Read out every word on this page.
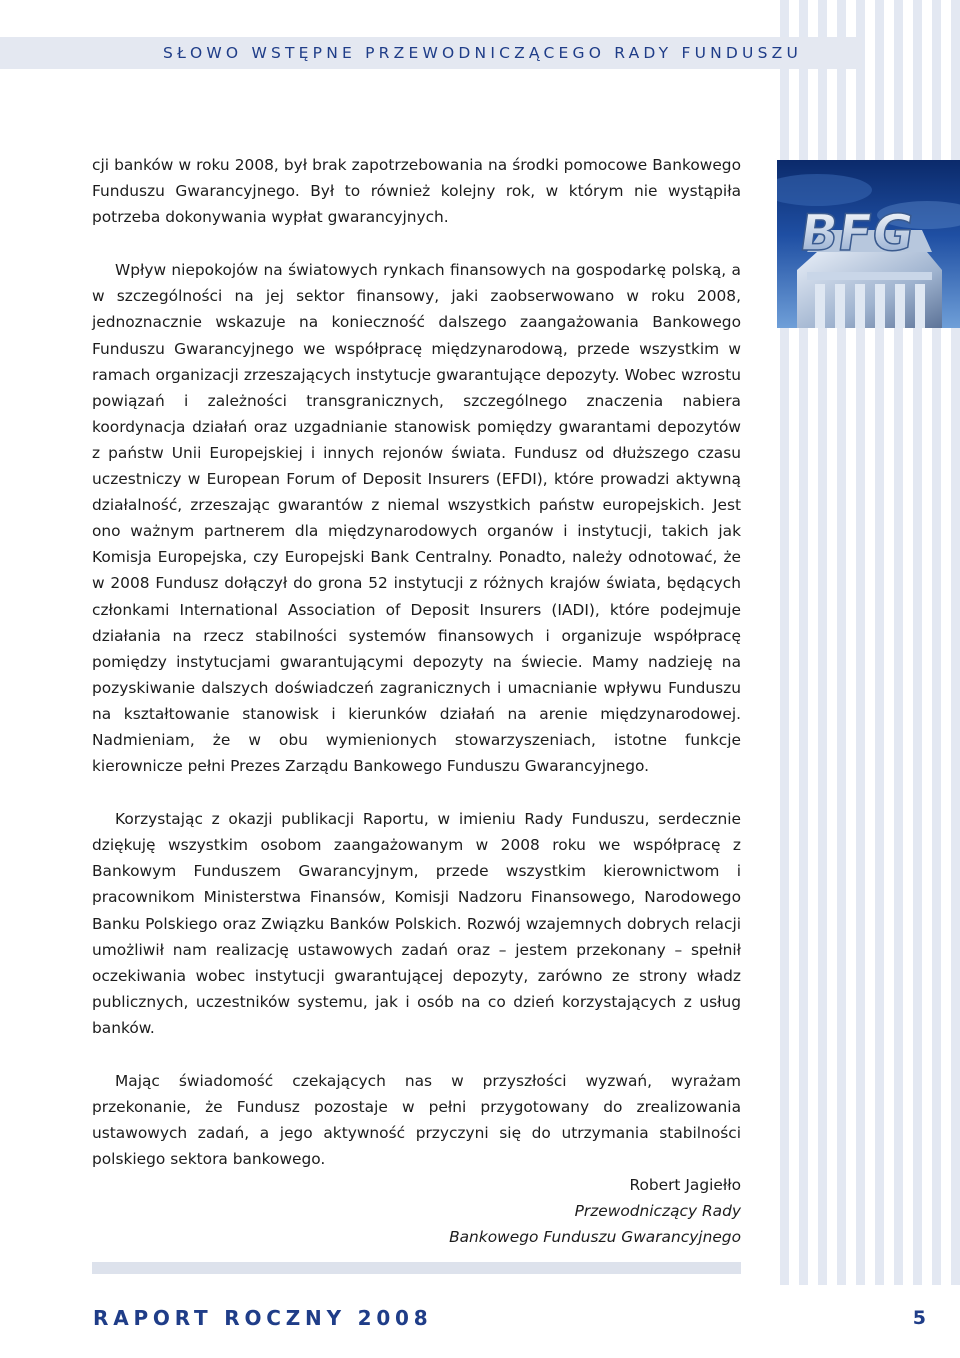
SŁOWO WSTĘPNE PRZEWODNICZĄCEGO RADY FUNDUSZU
BFG

cji banków w roku 2008, był brak zapotrzebowania na środki pomocowe Bankowego Funduszu Gwarancyjnego. Był to również kolejny rok, w którym nie wystąpiła potrzeba dokonywania wypłat gwarancyjnych.

Wpływ niepokojów na światowych rynkach finansowych na gospodarkę polską, a w szczególności na jej sektor finansowy, jaki zaobserwowano w roku 2008, jednoznacznie wskazuje na konieczność dalszego zaangażowania Bankowego Funduszu Gwarancyjnego we współpracę międzynarodową, przede wszystkim w ramach organizacji zrzeszających instytucje gwarantujące depozyty. Wobec wzrostu powiązań i zależności transgranicznych, szczególnego znaczenia nabiera koordynacja działań oraz uzgadnianie stanowisk pomiędzy gwarantami depozytów z państw Unii Europejskiej i innych rejonów świata. Fundusz od dłuższego czasu uczestniczy w European Forum of Deposit Insurers (EFDI), które prowadzi aktywną działalność, zrzeszając gwarantów z niemal wszystkich państw europejskich. Jest ono ważnym partnerem dla międzynarodowych organów i instytucji, takich jak Komisja Europejska, czy Europejski Bank Centralny. Ponadto, należy odnotować, że w 2008 Fundusz dołączył do grona 52 instytucji z różnych krajów świata, będących członkami International Association of Deposit Insurers (IADI), które podejmuje działania na rzecz stabilności systemów finansowych i organizuje współpracę pomiędzy instytucjami gwarantującymi depozyty na świecie. Mamy nadzieję na pozyskiwanie dalszych doświadczeń zagranicznych i umacnianie wpływu Funduszu na kształtowanie stanowisk i kierunków działań na arenie międzynarodowej. Nadmieniam, że w obu wymienionych stowarzyszeniach, istotne funkcje kierownicze pełni Prezes Zarządu Bankowego Funduszu Gwarancyjnego.

Korzystając z okazji publikacji Raportu, w imieniu Rady Funduszu, serdecznie dziękuję wszystkim osobom zaangażowanym w 2008 roku we współpracę z Bankowym Funduszem Gwarancyjnym, przede wszystkim kierownictwom i pracownikom Ministerstwa Finansów, Komisji Nadzoru Finansowego, Narodowego Banku Polskiego oraz Związku Banków Polskich. Rozwój wzajemnych dobrych relacji umożliwił nam realizację ustawowych zadań oraz – jestem przekonany – spełnił oczekiwania wobec instytucji gwarantującej depozyty, zarówno ze strony władz publicznych, uczestników systemu, jak i osób na co dzień korzystających z usług banków.

Mając świadomość czekających nas w przyszłości wyzwań, wyrażam przekonanie, że Fundusz pozostaje w pełni przygotowany do zrealizowania ustawowych zadań, a jego aktywność przyczyni się do utrzymania stabilności polskiego sektora bankowego.

Robert Jagiełło
Przewodniczący Rady
Bankowego Funduszu Gwarancyjnego
RAPORT ROCZNY 2008	5
